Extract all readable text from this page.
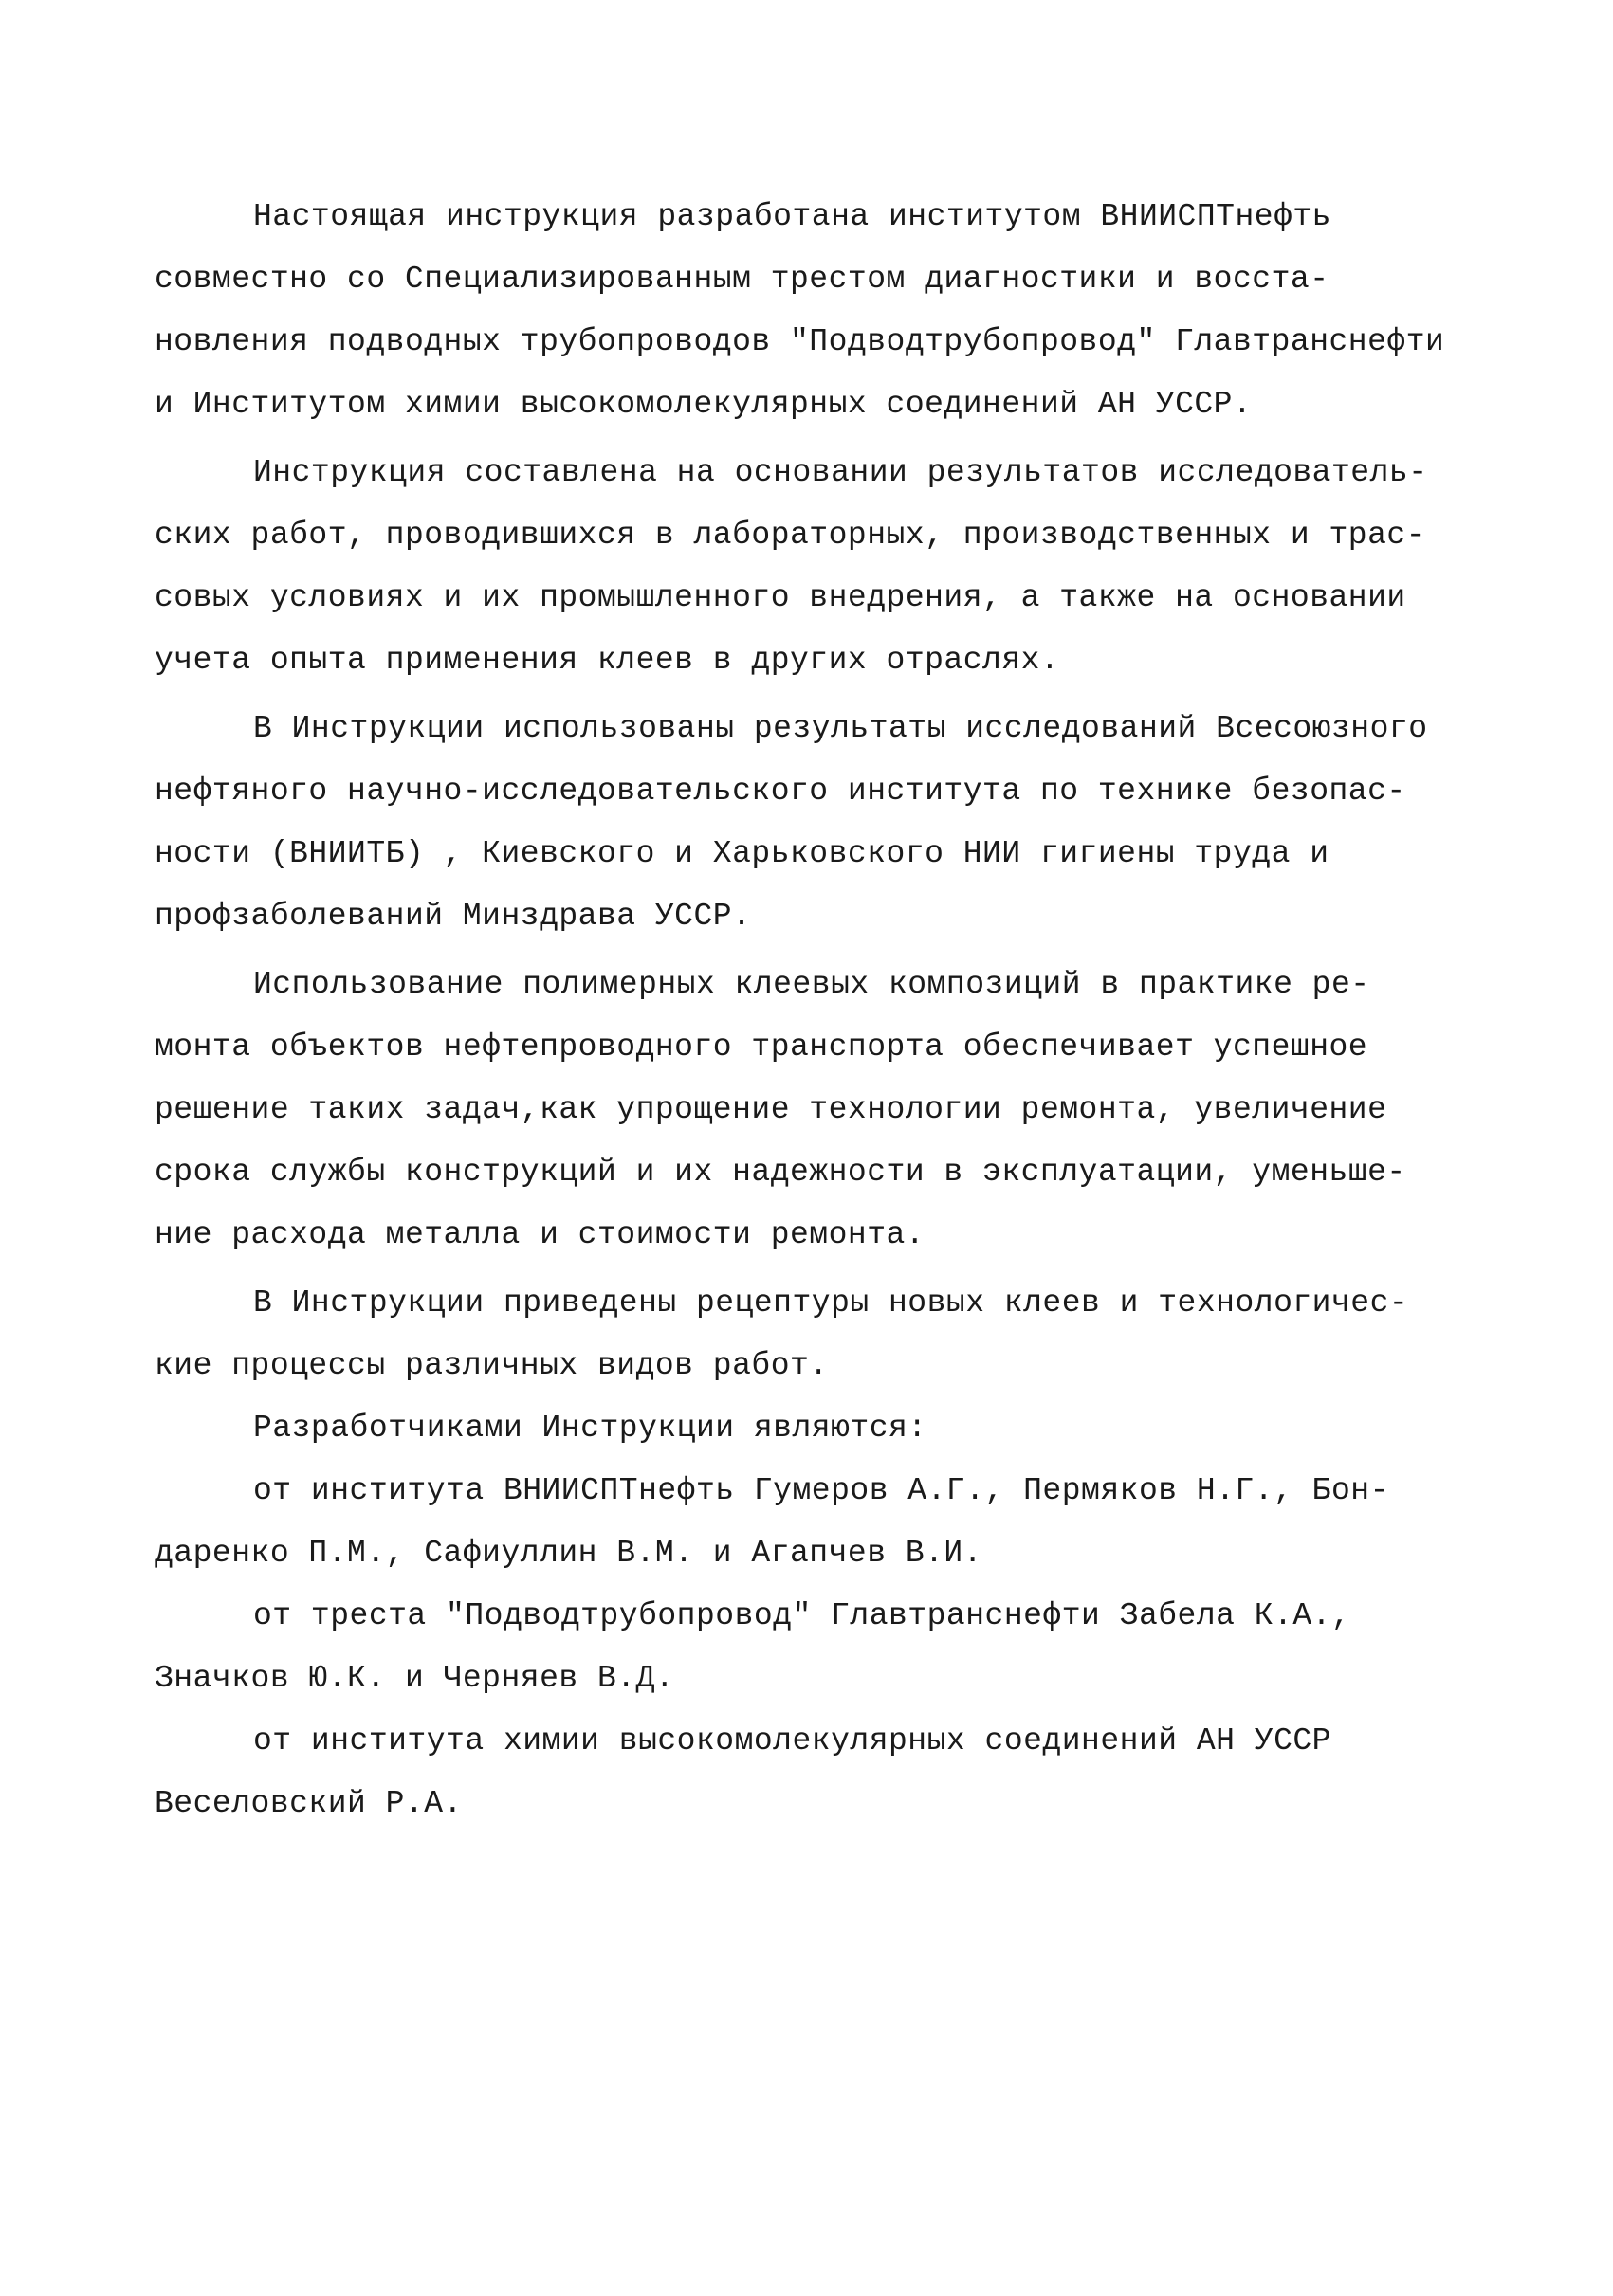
Настоящая инструкция разработана институтом ВНИИСПТнефть
совместно со Специализированным трестом диагностики и восста-
новления подводных трубопроводов "Подводтрубопровод" Главтранснефти
и Институтом химии высокомолекулярных соединений АН УССР.
Инструкция составлена на основании результатов исследователь-
ских работ, проводившихся в лабораторных, производственных и трас-
совых условиях и их промышленного внедрения, а также на основании
учета опыта применения клеев в других отраслях.
В Инструкции использованы результаты исследований Всесоюзного
нефтяного научно-исследовательского института по технике безопас-
ности (ВНИИТБ) , Киевского и Харьковского НИИ гигиены труда и
профзаболеваний Минздрава УССР.
Использование полимерных клеевых композиций в практике ре-
монта объектов нефтепроводного транспорта обеспечивает успешное
решение таких задач,как упрощение технологии ремонта, увеличение
срока службы конструкций и их надежности в эксплуатации, уменьше-
ние расхода металла и стоимости ремонта.
В Инструкции приведены рецептуры новых клеев и технологичес-
кие процессы различных видов работ.
Разработчиками Инструкции являются:
от института ВНИИСПТнефть Гумеров А.Г., Пермяков Н.Г., Бон-
даренко П.М., Сафиуллин В.М. и Агапчев В.И.
от треста "Подводтрубопровод" Главтранснефти Забела К.А.,
Значков Ю.К. и Черняев В.Д.
от института химии высокомолекулярных соединений АН УССР
Веселовский Р.А.
